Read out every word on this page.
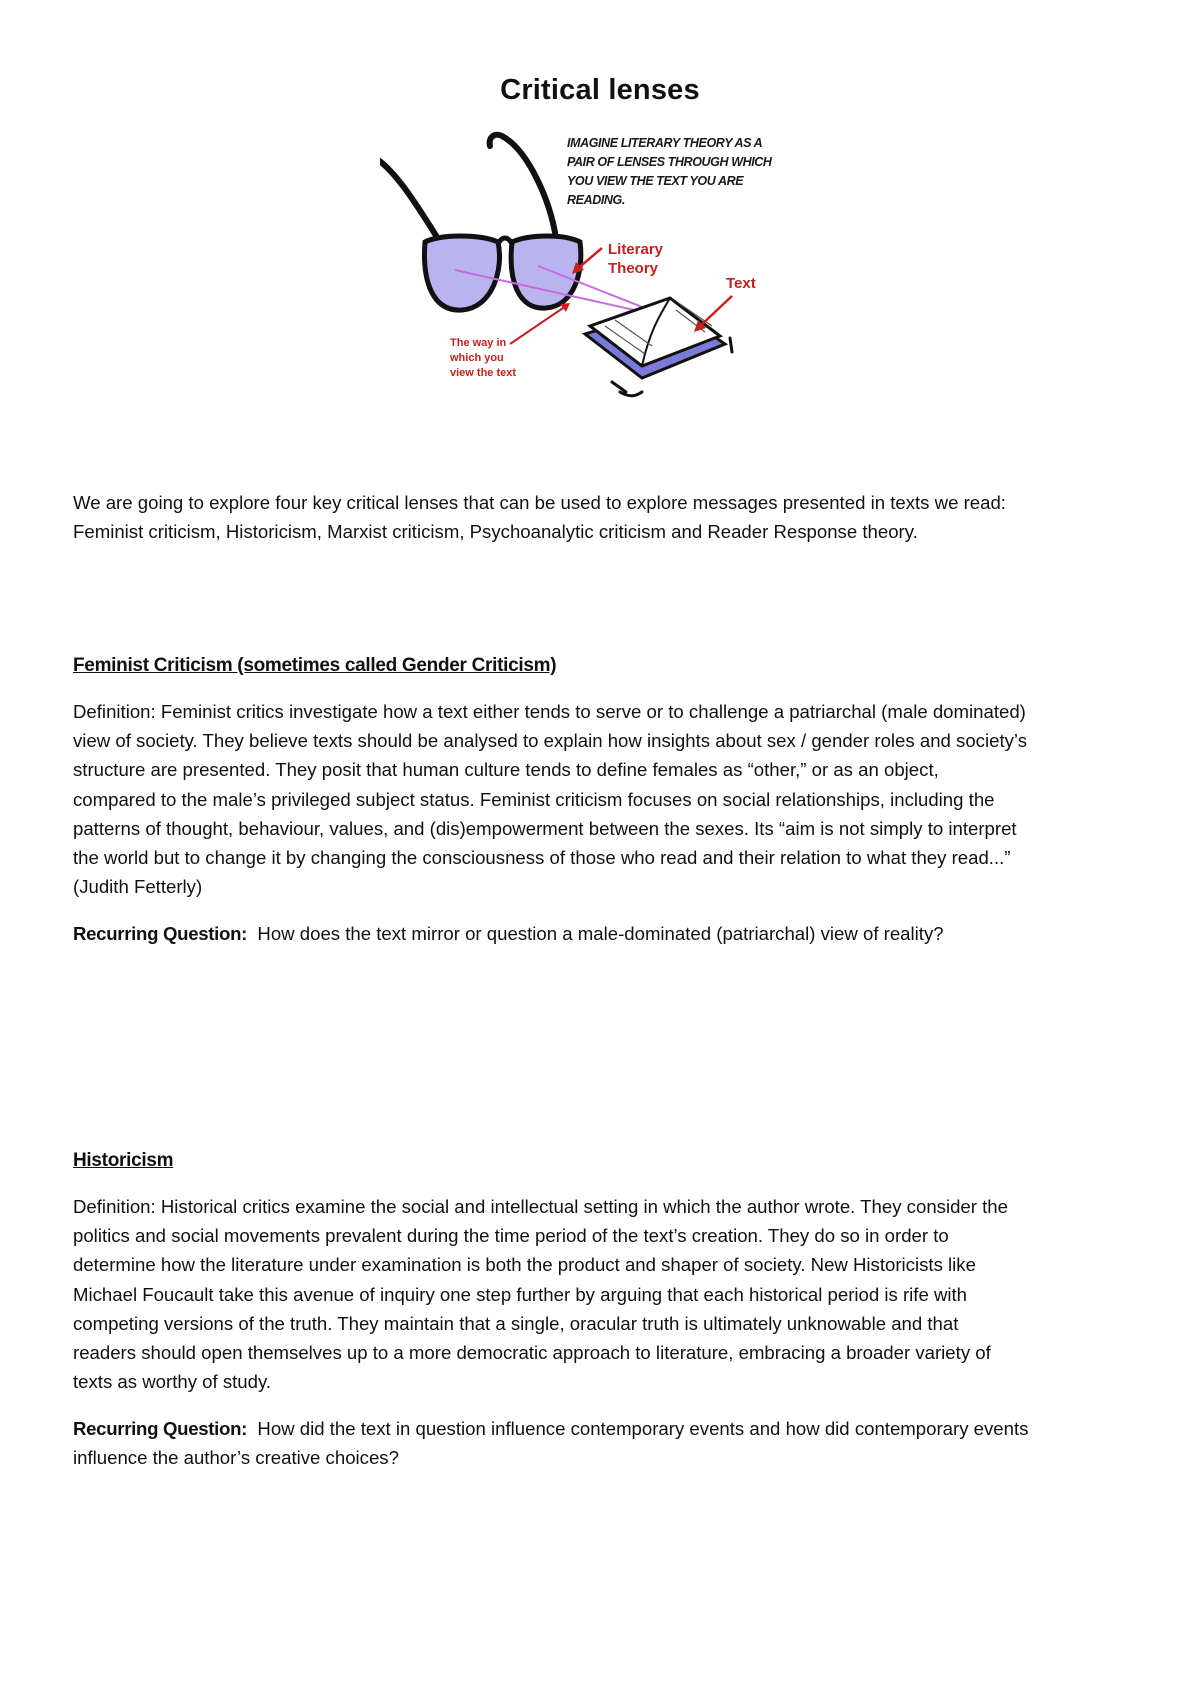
Critical lenses
IMAGINE LITERARY THEORY AS A
PAIR OF LENSES THROUGH WHICH
YOU VIEW THE TEXT YOU ARE
READING.
Literary
Theory
Text
The way in
which you
view the text

We are going to explore four key critical lenses that can be used to explore messages presented in texts we read:
Feminist criticism, Historicism, Marxist criticism, Psychoanalytic criticism and Reader Response theory.

Feminist Criticism (sometimes called Gender Criticism)

Definition: Feminist critics investigate how a text either tends to serve or to challenge a patriarchal (male dominated)
view of society. They believe texts should be analysed to explain how insights about sex / gender roles and society’s
structure are presented. They posit that human culture tends to define females as “other,” or as an object,
compared to the male’s privileged subject status. Feminist criticism focuses on social relationships, including the
patterns of thought, behaviour, values, and (dis)empowerment between the sexes. Its “aim is not simply to interpret
the world but to change it by changing the consciousness of those who read and their relation to what they read...”
(Judith Fetterly)

Recurring Question:  How does the text mirror or question a male-dominated (patriarchal) view of reality?

Historicism

Definition: Historical critics examine the social and intellectual setting in which the author wrote. They consider the
politics and social movements prevalent during the time period of the text’s creation. They do so in order to
determine how the literature under examination is both the product and shaper of society. New Historicists like
Michael Foucault take this avenue of inquiry one step further by arguing that each historical period is rife with
competing versions of the truth. They maintain that a single, oracular truth is ultimately unknowable and that
readers should open themselves up to a more democratic approach to literature, embracing a broader variety of
texts as worthy of study.

Recurring Question:  How did the text in question influence contemporary events and how did contemporary events
influence the author’s creative choices?
